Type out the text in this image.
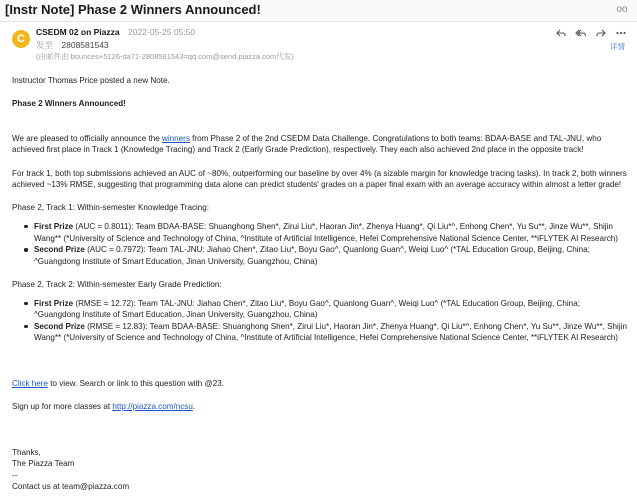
[Instr Note] Phase 2 Winners Announced!	oo
C
CSEDM 02 on Piazza 2022-05-25 05:50
发至 2808581543
(由邮件由 bounces+5126-da71-2808581543=qq.com@send.piazza.com代发)
详情

Instructor Thomas Price posted a new Note.

Phase 2 Winners Announced!

We are pleased to officially announce the winners from Phase 2 of the 2nd CSEDM Data Challenge. Congratulations to both teams: BDAA-BASE and TAL-JNU, who achieved first place in Track 1 (Knowledge Tracing) and Track 2 (Early Grade Prediction), respectively. They each also achieved 2nd place in the opposite track!

For track 1, both top submissions achieved an AUC of ~80%, outperforming our baseline by over 4% (a sizable margin for knowledge tracing tasks). In track 2, both winners achieved ~13% RMSE, suggesting that programming data alone can predict students' grades on a paper final exam with an average accuracy within almost a letter grade!

Phase 2, Track 1: Within-semester Knowledge Tracing:

First Prize (AUC = 0.8011): Team BDAA-BASE: Shuanghong Shen*, Zirui Liu*, Haoran Jin*, Zhenya Huang*, Qi Liu*^, Enhong Chen*, Yu Su**, Jinze Wu**, Shijin Wang** (*University of Science and Technology of China, ^Institute of Artificial Intelligence, Hefei Comprehensive National Science Center, **iFLYTEK AI Research)
Second Prize (AUC = 0.7972): Team TAL-JNU: Jiahao Chen*, Zitao Liu*, Boyu Gao^, Quanlong Guan^, Weiqi Luo^ (*TAL Education Group, Beijing, China; ^Guangdong Institute of Smart Education, Jinan University, Guangzhou, China)

Phase 2, Track 2: Within-semester Early Grade Prediction:

First Prize (RMSE = 12.72): Team TAL-JNU: Jiahao Chen*, Zitao Liu*, Boyu Gao^, Quanlong Guan^, Weiqi Luo^ (*TAL Education Group, Beijing, China; ^Guangdong Institute of Smart Education, Jinan University, Guangzhou, China)
Second Prize (RMSE = 12.83): Team BDAA-BASE: Shuanghong Shen*, Zirui Liu*, Haoran Jin*, Zhenya Huang*, Qi Liu*^, Enhong Chen*, Yu Su**, Jinze Wu**, Shijin Wang** (*University of Science and Technology of China, ^Institute of Artificial Intelligence, Hefei Comprehensive National Science Center, **iFLYTEK AI Research)

Click here to view. Search or link to this question with @23.

Sign up for more classes at http://piazza.com/ncsu.

Thanks,

The Piazza Team

--

Contact us at team@piazza.com
